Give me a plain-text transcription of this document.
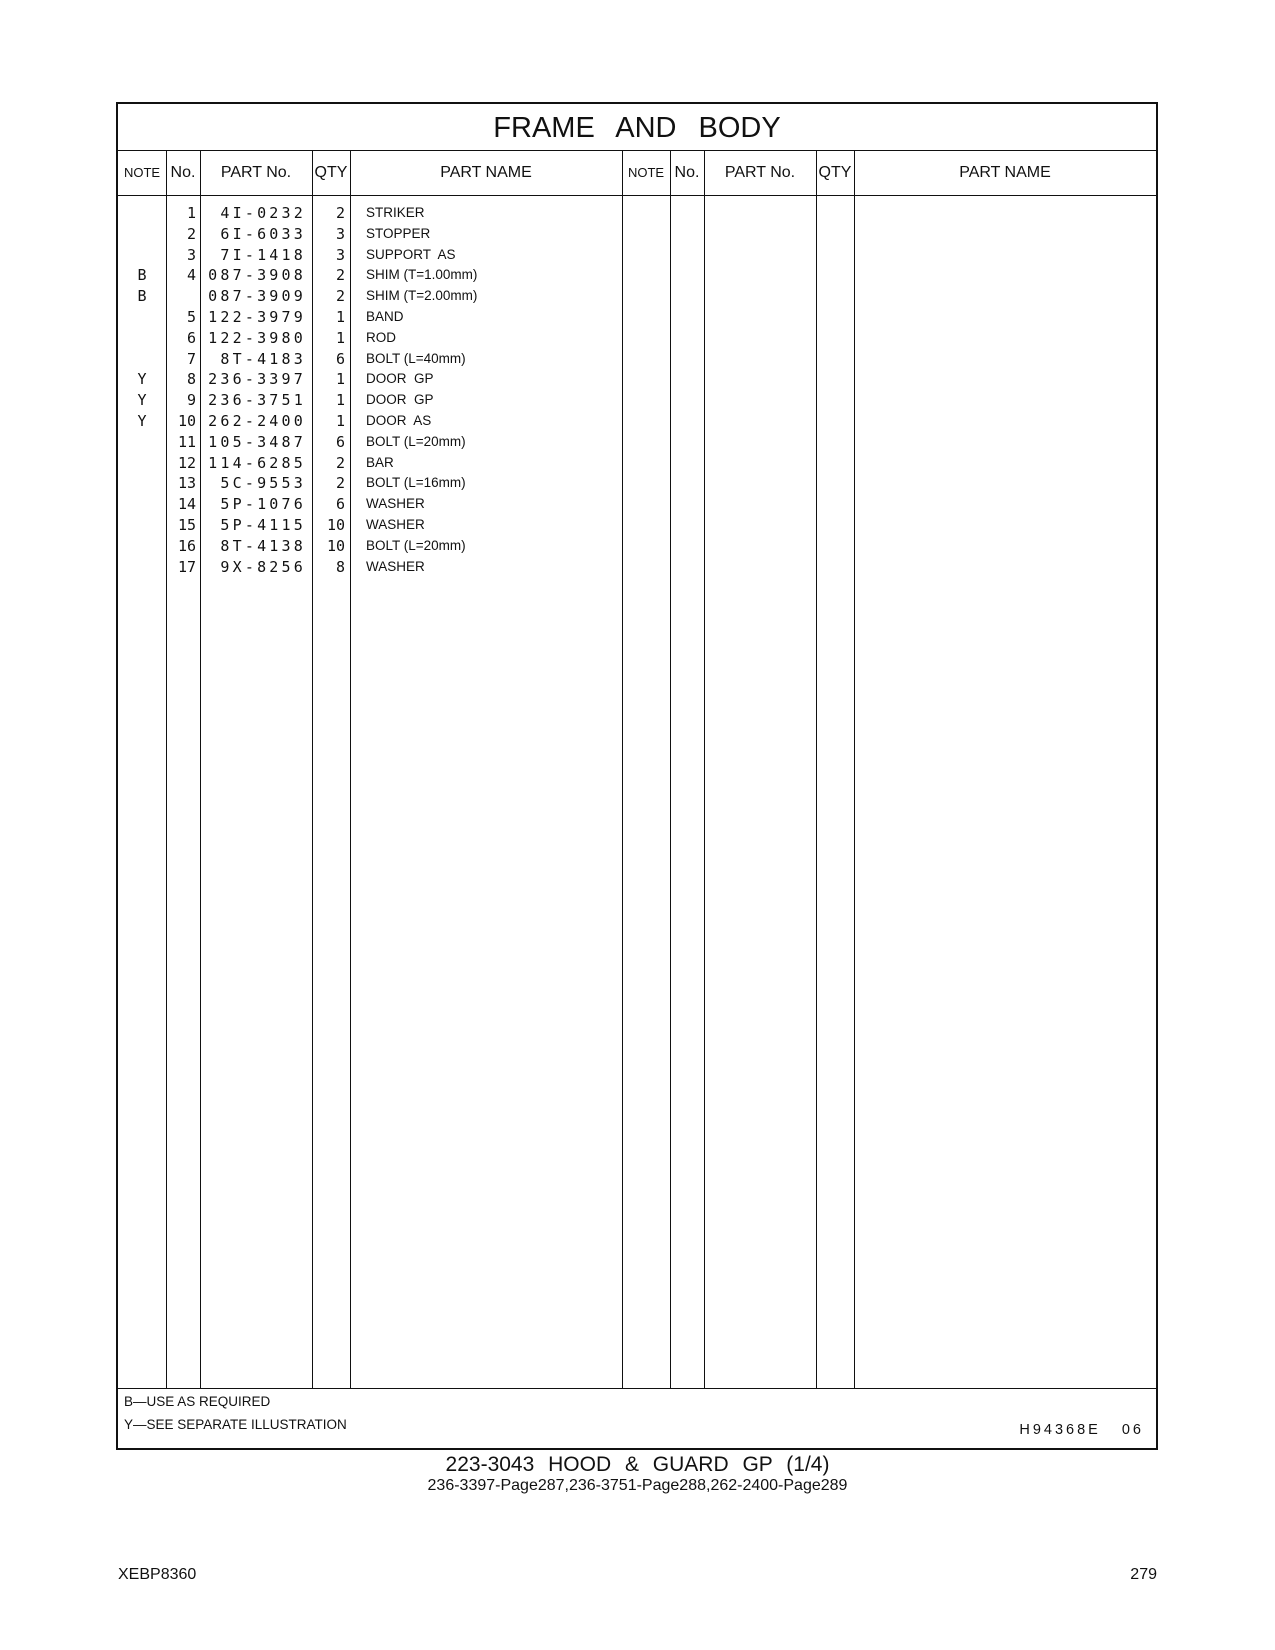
FRAME AND BODY
NOTE No.	PART No.	QTY	PART NAME	NOTE No.	PART No.	QTY	PART NAME
1	4I-0232	2 STRIKER
2	6I-6033	3 STOPPER
3	7I-1418	3 SUPPORT  AS
B	4 087-3908	2 SHIM (T=1.00mm)
B	087-3909	2 SHIM (T=2.00mm)
5 122-3979	1 BAND
6 122-3980	1 ROD
7	8T-4183	6 BOLT (L=40mm)
Y	8 236-3397	1 DOOR  GP
Y	9 236-3751	1 DOOR  GP
Y	10 262-2400	1 DOOR  AS
11 105-3487	6 BOLT (L=20mm)
12 114-6285	2 BAR
13	5C-9553	2 BOLT (L=16mm)
14	5P-1076	6 WASHER
15	5P-4115	10 WASHER
16	8T-4138	10 BOLT (L=20mm)
17	9X-8256	8 WASHER
B—USE AS REQUIRED
Y—SEE SEPARATE ILLUSTRATION	H94368E 06
223-3043 HOOD & GUARD GP (1/4)
236-3397-Page287,236-3751-Page288,262-2400-Page289
XEBP8360	279
